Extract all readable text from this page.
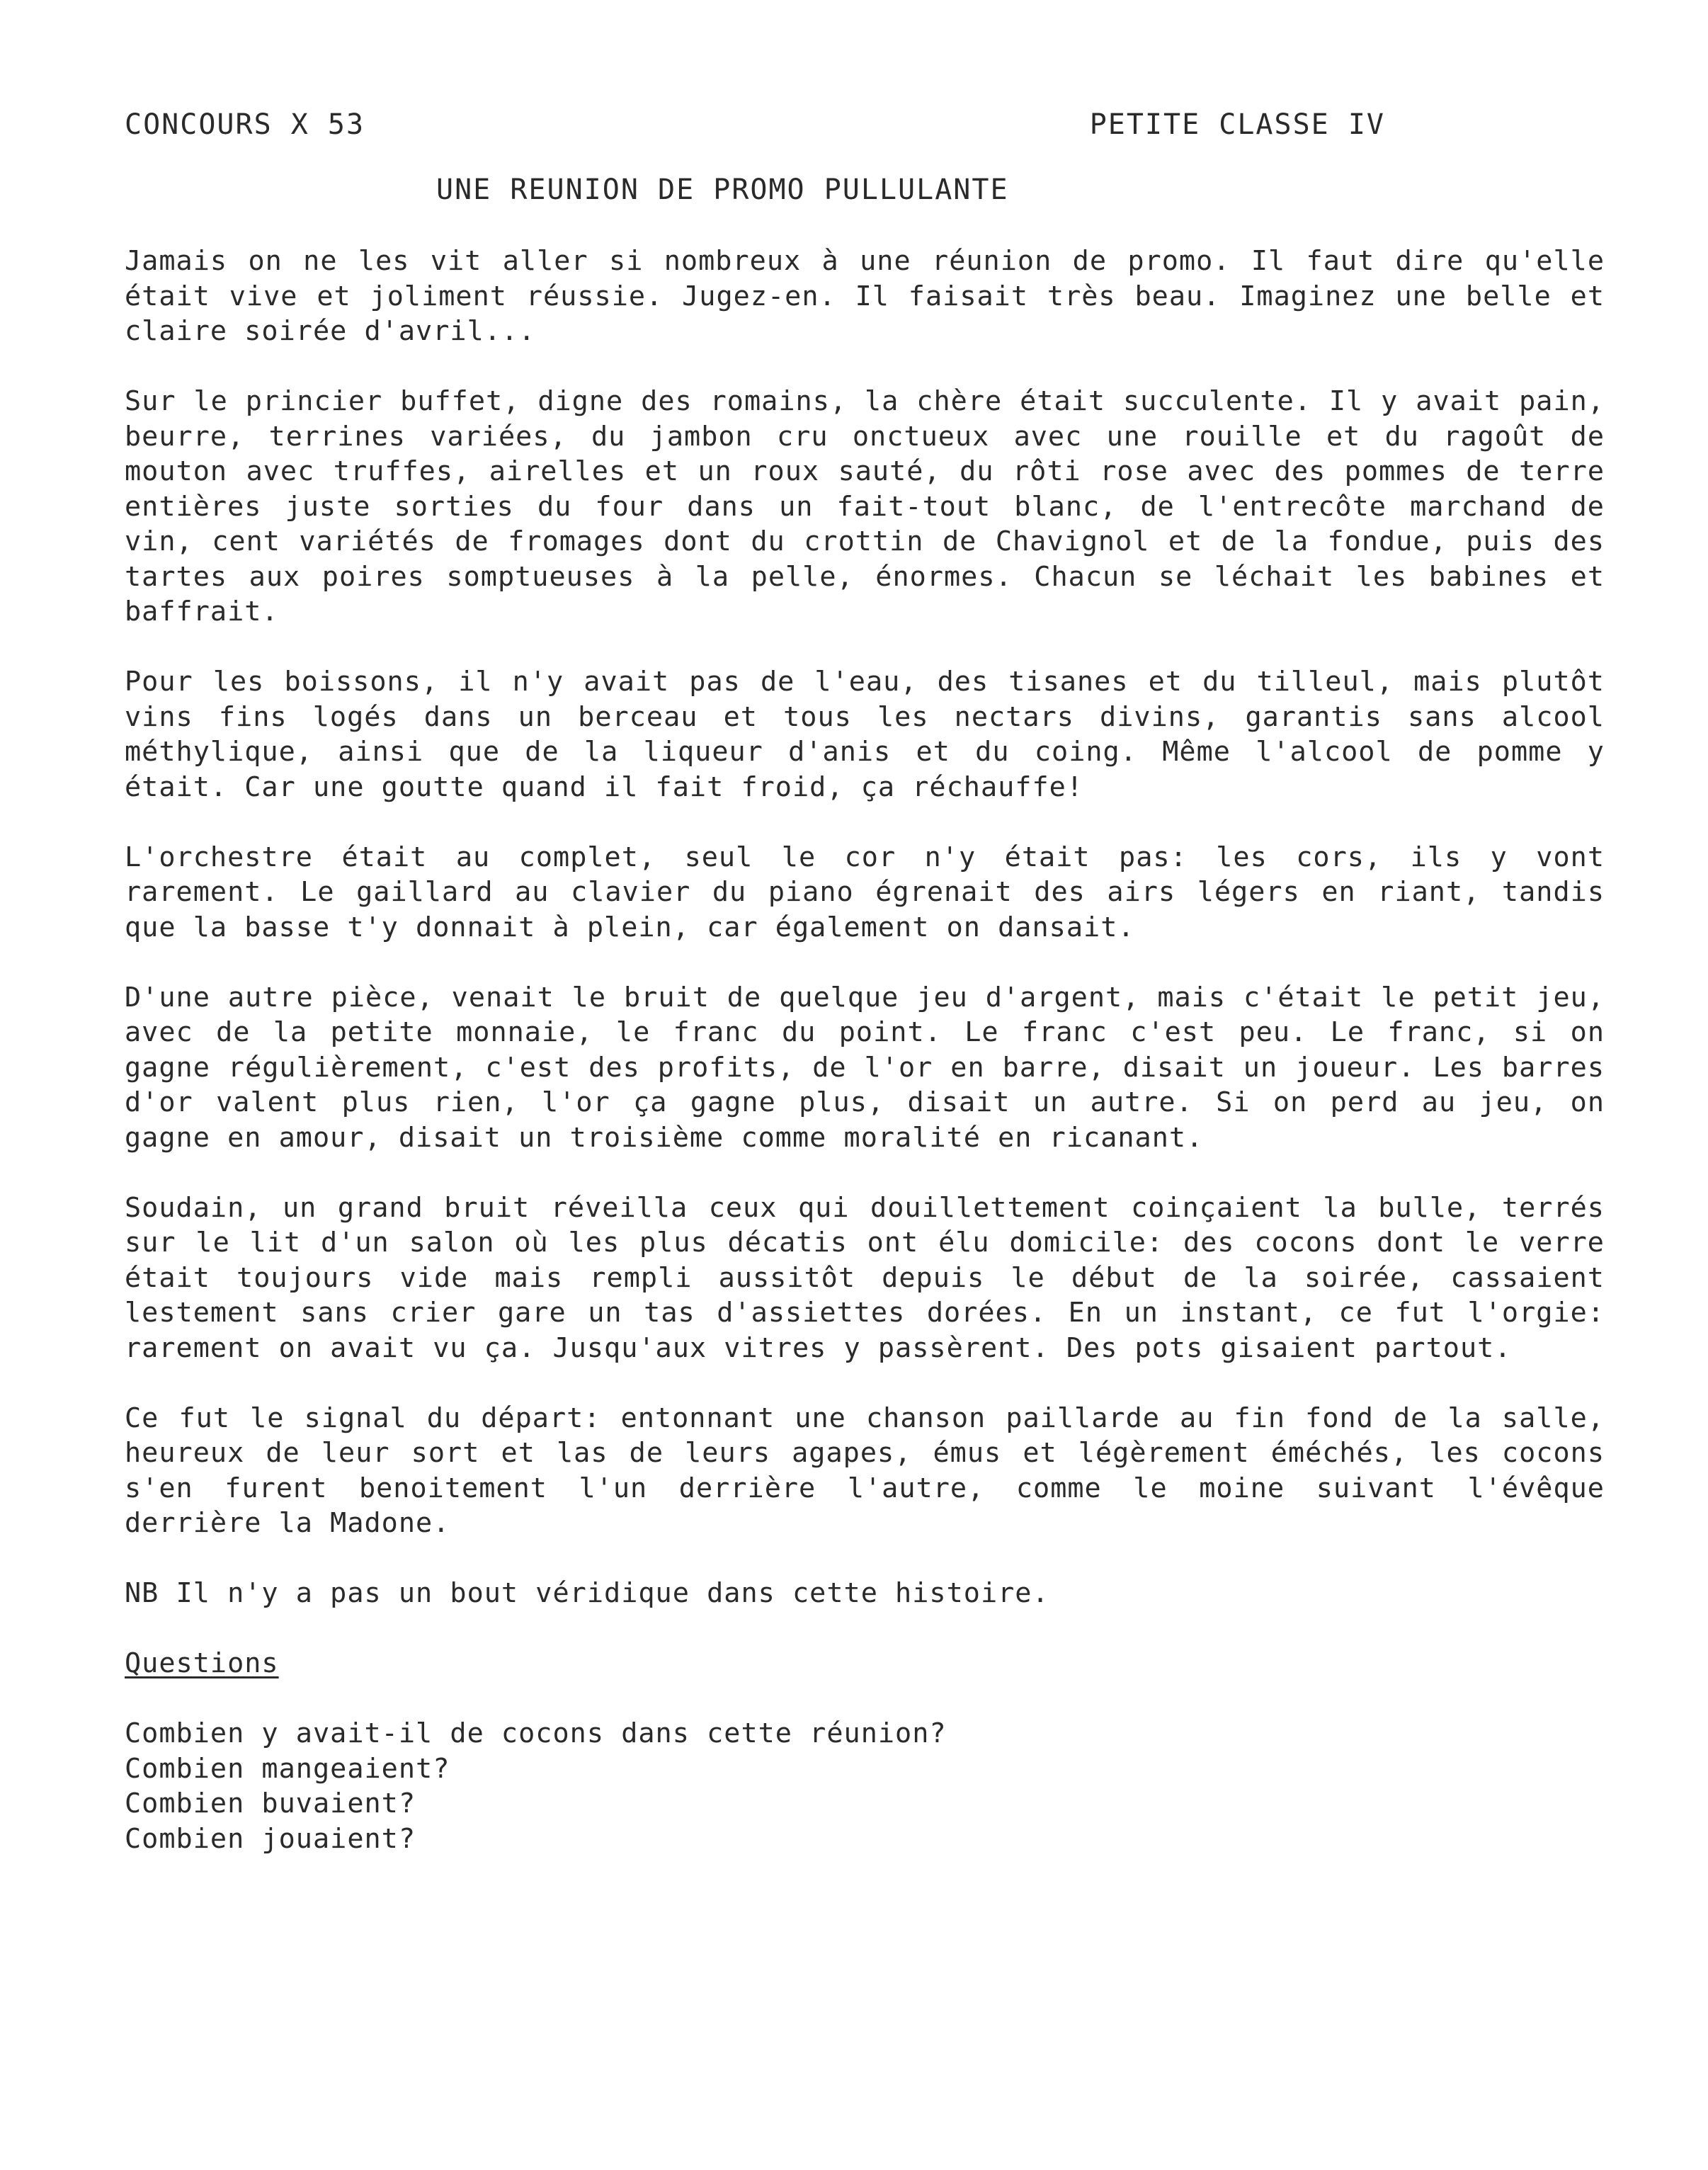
CONCOURS X 53	PETITE CLASSE IV
UNE REUNION DE PROMO PULLULANTE

Jamais on ne les vit aller si nombreux à une réunion de promo. Il faut dire qu'elle était vive et joliment réussie. Jugez-en. Il faisait très beau. Imaginez une belle et claire soirée d'avril...

Sur le princier buffet, digne des romains, la chère était succulente. Il y avait pain, beurre, terrines variées, du jambon cru onctueux avec une rouille et du ragoût de mouton avec truffes, airelles et un roux sauté, du rôti rose avec des pommes de terre entières juste sorties du four dans un fait-tout blanc, de l'entrecôte marchand de vin, cent variétés de fromages dont du crottin de Chavignol et de la fondue, puis des tartes aux poires somptueuses à la pelle, énormes. Chacun se léchait les babines et baffrait.

Pour les boissons, il n'y avait pas de l'eau, des tisanes et du tilleul, mais plutôt vins fins logés dans un berceau et tous les nectars divins, garantis sans alcool méthylique, ainsi que de la liqueur d'anis et du coing. Même l'alcool de pomme y était. Car une goutte quand il fait froid, ça réchauffe!

L'orchestre était au complet, seul le cor n'y était pas: les cors, ils y vont rarement. Le gaillard au clavier du piano égrenait des airs légers en riant, tandis que la basse t'y donnait à plein, car également on dansait.

D'une autre pièce, venait le bruit de quelque jeu d'argent, mais c'était le petit jeu, avec de la petite monnaie, le franc du point. Le franc c'est peu. Le franc, si on gagne régulièrement, c'est des profits, de l'or en barre, disait un joueur. Les barres d'or valent plus rien, l'or ça gagne plus, disait un autre. Si on perd au jeu, on gagne en amour, disait un troisième comme moralité en ricanant.

Soudain, un grand bruit réveilla ceux qui douillettement coinçaient la bulle, terrés sur le lit d'un salon où les plus décatis ont élu domicile: des cocons dont le verre était toujours vide mais rempli aussitôt depuis le début de la soirée, cassaient lestement sans crier gare un tas d'assiettes dorées. En un instant, ce fut l'orgie: rarement on avait vu ça. Jusqu'aux vitres y passèrent. Des pots gisaient partout.

Ce fut le signal du départ: entonnant une chanson paillarde au fin fond de la salle, heureux de leur sort et las de leurs agapes, émus et légèrement éméchés, les cocons s'en furent benoitement l'un derrière l'autre, comme le moine suivant l'évêque derrière la Madone.

NB Il n'y a pas un bout véridique dans cette histoire.

Questions
Combien y avait-il de cocons dans cette réunion?
Combien mangeaient?
Combien buvaient?
Combien jouaient?
